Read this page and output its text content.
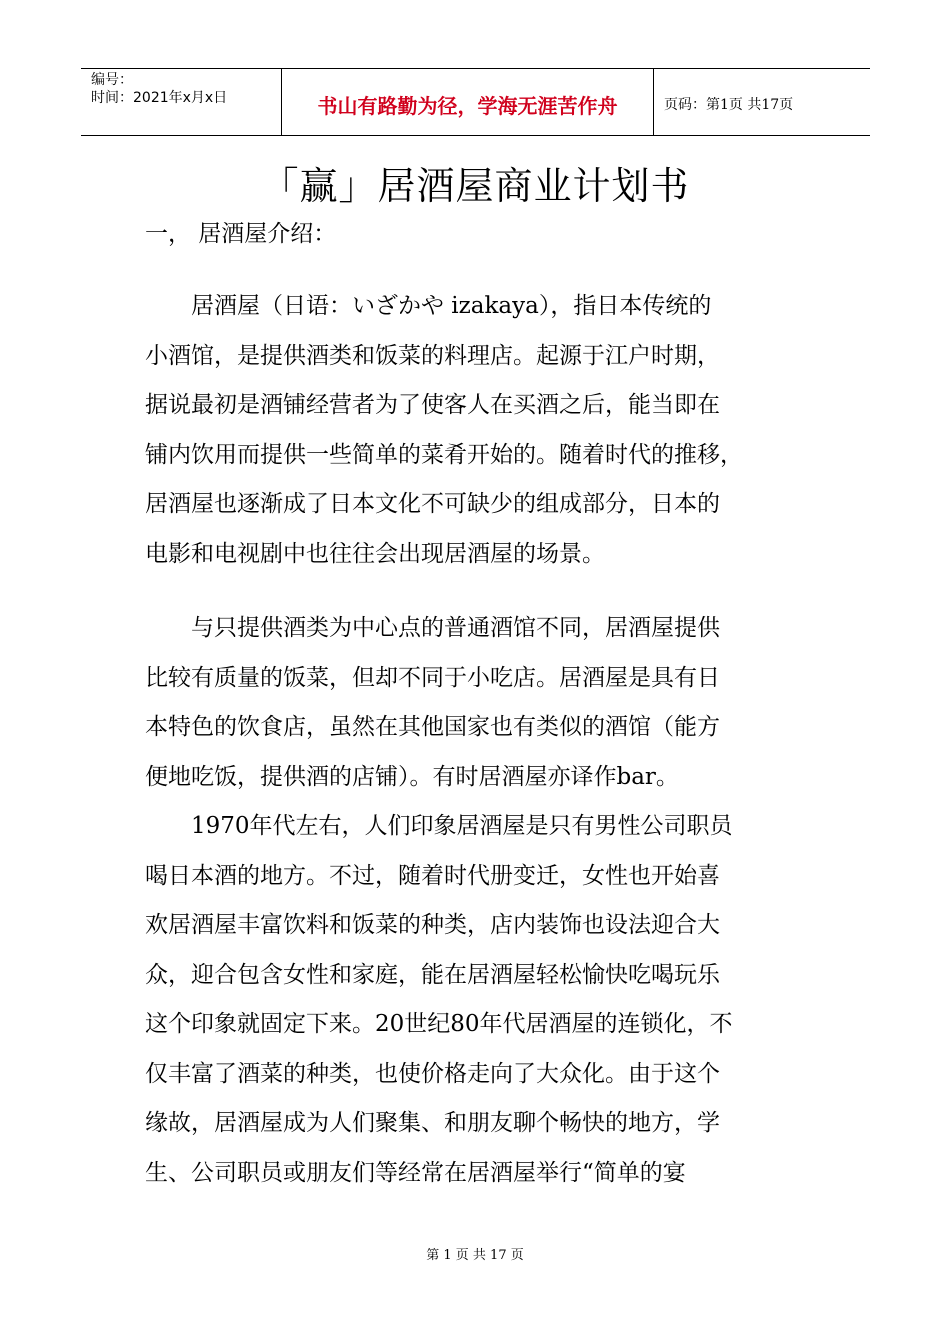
编号：
时间：2021年x月x日	书山有路勤为径，学海无涯苦作舟	页码：第1页 共17页
「赢」居酒屋商业计划书
一， 居酒屋介绍：
　　居酒屋（日语：いざかや izakaya），指日本传统的
小酒馆，是提供酒类和饭菜的料理店。起源于江户时期，
据说最初是酒铺经营者为了使客人在买酒之后，能当即在
铺内饮用而提供一些简单的菜肴开始的。随着时代的推移，
居酒屋也逐渐成了日本文化不可缺少的组成部分，日本的
电影和电视剧中也往往会出现居酒屋的场景。
　　与只提供酒类为中心点的普通酒馆不同，居酒屋提供
比较有质量的饭菜，但却不同于小吃店。居酒屋是具有日
本特色的饮食店，虽然在其他国家也有类似的酒馆（能方
便地吃饭，提供酒的店铺）。有时居酒屋亦译作bar。
　　1970年代左右，人们印象居酒屋是只有男性公司职员
喝日本酒的地方。不过，随着时代册变迁，女性也开始喜
欢居酒屋丰富饮料和饭菜的种类，店内装饰也设法迎合大
众，迎合包含女性和家庭，能在居酒屋轻松愉快吃喝玩乐
这个印象就固定下来。20世纪80年代居酒屋的连锁化，不
仅丰富了酒菜的种类，也使价格走向了大众化。由于这个
缘故，居酒屋成为人们聚集、和朋友聊个畅快的地方，学
生、公司职员或朋友们等经常在居酒屋举行“简单的宴
第 1 页 共 17 页
